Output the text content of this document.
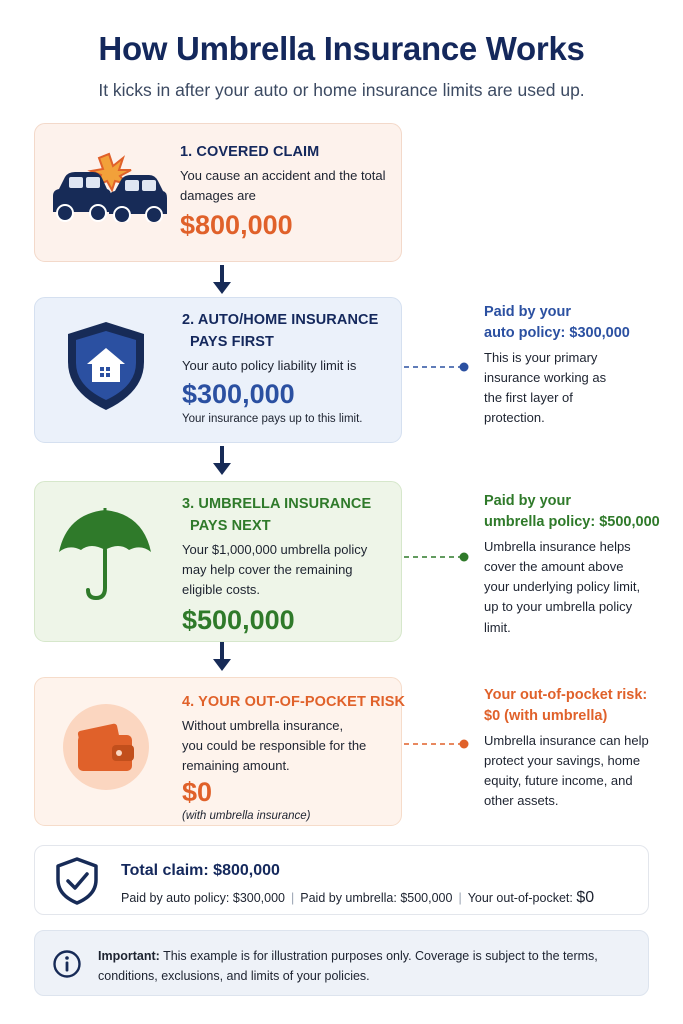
How Umbrella Insurance Works
It kicks in after your auto or home insurance limits are used up.
1. COVERED CLAIM
You cause an accident and the total damages are
$800,000
2. AUTO/HOME INSURANCE
PAYS FIRST
Your auto policy liability limit is
$300,000
Your insurance pays up to this limit.
Paid by your
auto policy: $300,000
This is your primary insurance working as the first layer of protection.
3. UMBRELLA INSURANCE
PAYS NEXT
Your $1,000,000 umbrella policy may help cover the remaining eligible costs.
$500,000
Paid by your
umbrella policy: $500,000
Umbrella insurance helps cover the amount above your underlying policy limit, up to your umbrella policy limit.
4. YOUR OUT-OF-POCKET RISK
Without umbrella insurance, you could be responsible for the remaining amount.
$0
(with umbrella insurance)
Your out-of-pocket risk:
$0 (with umbrella)
Umbrella insurance can help protect your savings, home equity, future income, and other assets.
Total claim: $800,000
Paid by auto policy: $300,000 | Paid by umbrella: $500,000 | Your out-of-pocket: $0
Important: This example is for illustration purposes only. Coverage is subject to the terms, conditions, exclusions, and limits of your policies.
